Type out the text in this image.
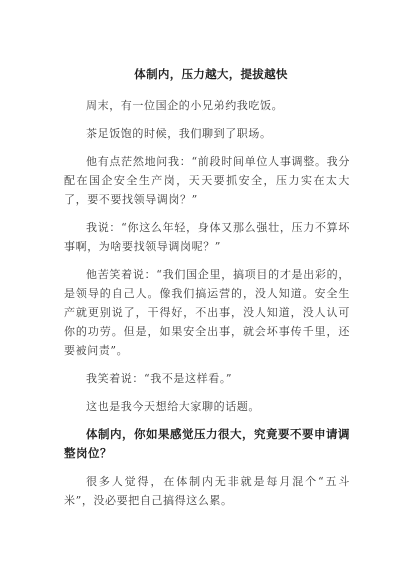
体制内，压力越大，提拔越快

周末，有一位国企的小兄弟约我吃饭。

茶足饭饱的时候，我们聊到了职场。

他有点茫然地问我：“前段时间单位人事调整。我分配在国企安全生产岗，天天要抓安全，压力实在太大了，要不要找领导调岗？”

我说：“你这么年轻，身体又那么强壮，压力不算坏事啊，为啥要找领导调岗呢？”

他苦笑着说：“我们国企里，搞项目的才是出彩的，是领导的自己人。像我们搞运营的，没人知道。安全生产就更别说了，干得好，不出事，没人知道，没人认可你的功劳。但是，如果安全出事，就会坏事传千里，还要被问责”。

我笑着说：“我不是这样看。”

这也是我今天想给大家聊的话题。

体制内，你如果感觉压力很大，究竟要不要申请调整岗位？

很多人觉得，在体制内无非就是每月混个“五斗米”，没必要把自己搞得这么累。
